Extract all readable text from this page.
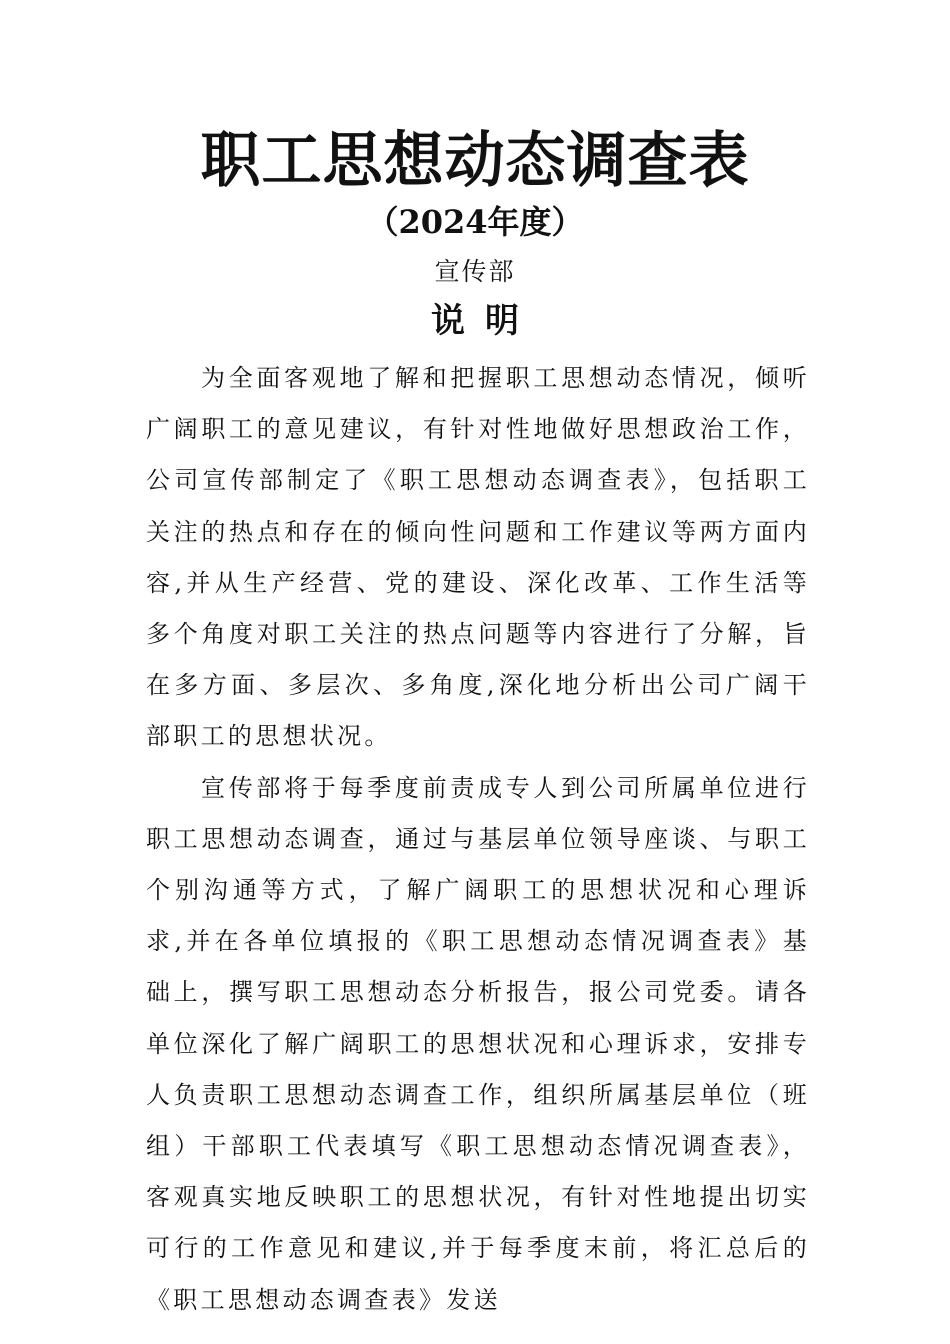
职工思想动态调查表
（2024年度）
宣传部
说明

为全面客观地了解和把握职工思想动态情况，倾听广阔职工的意见建议，有针对性地做好思想政治工作，公司宣传部制定了《职工思想动态调查表》，包括职工关注的热点和存在的倾向性问题和工作建议等两方面内容,并从生产经营、党的建设、深化改革、工作生活等多个角度对职工关注的热点问题等内容进行了分解，旨在多方面、多层次、多角度,深化地分析出公司广阔干部职工的思想状况。

宣传部将于每季度前责成专人到公司所属单位进行职工思想动态调查，通过与基层单位领导座谈、与职工个别沟通等方式，了解广阔职工的思想状况和心理诉求,并在各单位填报的《职工思想动态情况调查表》基础上，撰写职工思想动态分析报告，报公司党委。请各单位深化了解广阔职工的思想状况和心理诉求，安排专人负责职工思想动态调查工作，组织所属基层单位（班组）干部职工代表填写《职工思想动态情况调查表》，客观真实地反映职工的思想状况，有针对性地提出切实可行的工作意见和建议,并于每季度末前，将汇总后的《职工思想动态调查表》发送
